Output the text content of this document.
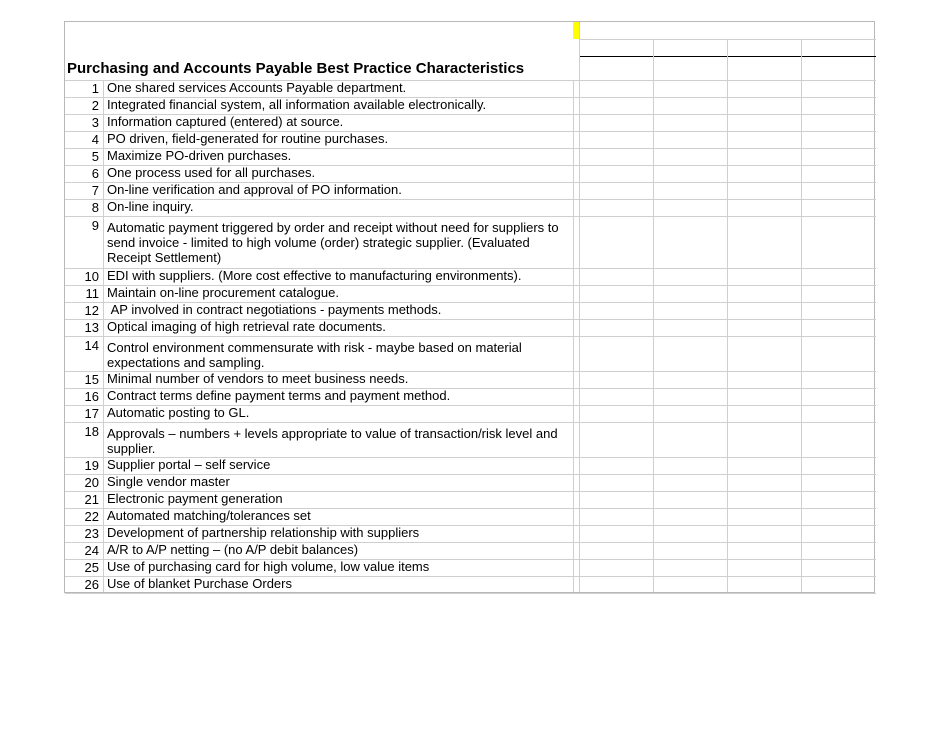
Purchasing and Accounts Payable Best Practice Characteristics
1 One shared services Accounts Payable department.
2 Integrated financial system, all information available electronically.
3 Information captured (entered) at source.
4 PO driven, field-generated for routine purchases.
5 Maximize PO-driven purchases.
6 One process used for all purchases.
7 On-line verification and approval of PO information.
8 On-line inquiry.
9 Automatic payment triggered by order and receipt without need for suppliers to send invoice - limited to high volume (order) strategic supplier. (Evaluated Receipt Settlement)
10 EDI with suppliers. (More cost effective to manufacturing environments).
11 Maintain on-line procurement catalogue.
12 AP involved in contract negotiations - payments methods.
13 Optical imaging of high retrieval rate documents.
14 Control environment commensurate with risk - maybe based on material expectations and sampling.
15 Minimal number of vendors to meet business needs.
16 Contract terms define payment terms and payment method.
17 Automatic posting to GL.
18 Approvals – numbers + levels appropriate to value of transaction/risk level and supplier.
19 Supplier portal – self service
20 Single vendor master
21 Electronic payment generation
22 Automated matching/tolerances set
23 Development of partnership relationship with suppliers
24 A/R to A/P netting – (no A/P debit balances)
25 Use of purchasing card for high volume, low value items
26 Use of blanket Purchase Orders
